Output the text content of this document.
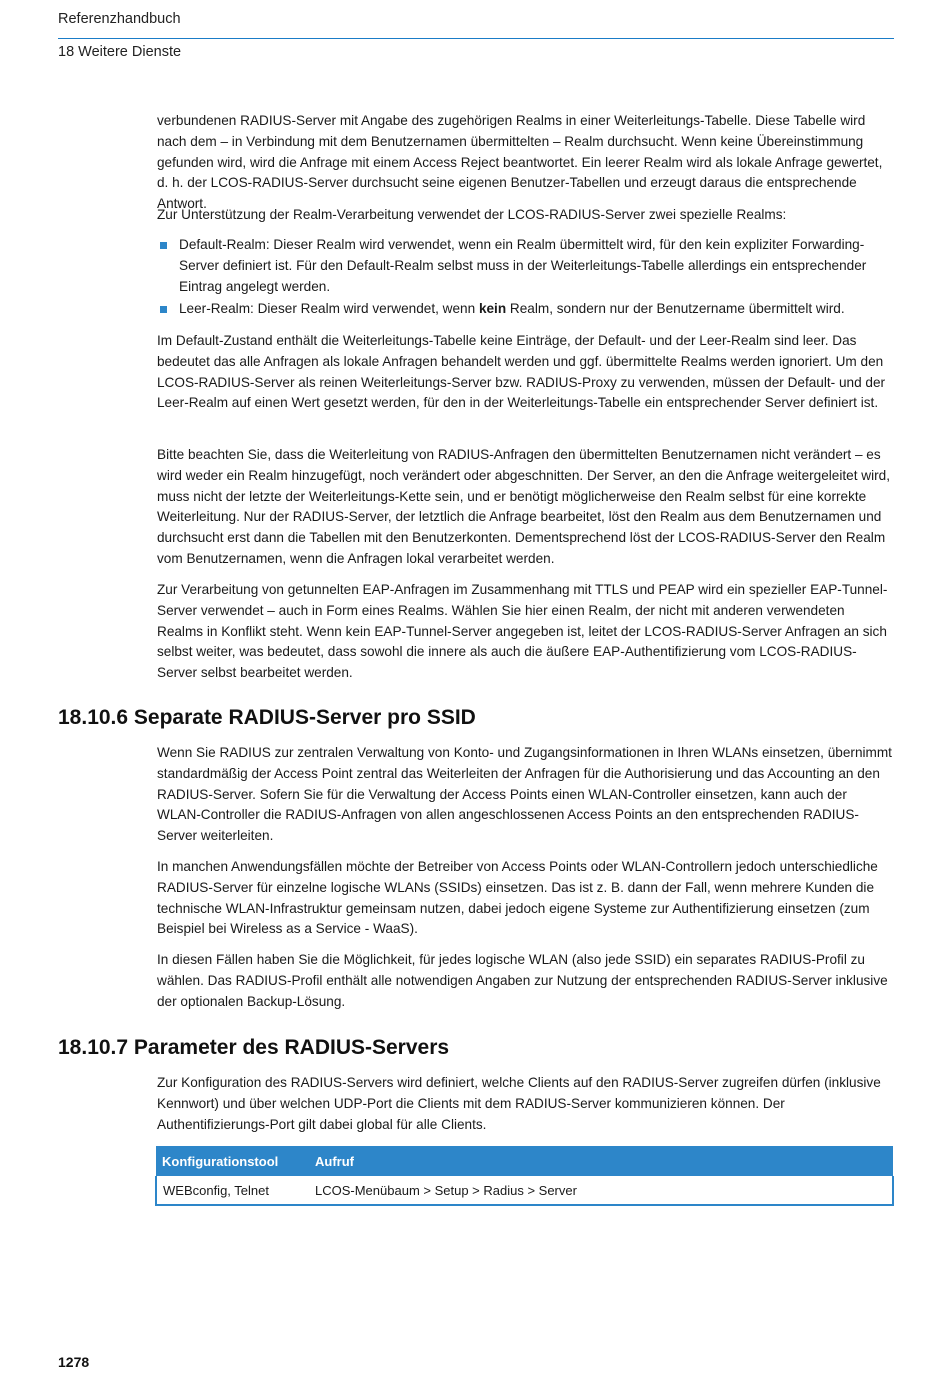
Referenzhandbuch
18 Weitere Dienste

verbundenen RADIUS-Server mit Angabe des zugehörigen Realms in einer Weiterleitungs-Tabelle. Diese Tabelle wird nach dem – in Verbindung mit dem Benutzernamen übermittelten – Realm durchsucht. Wenn keine Übereinstimmung gefunden wird, wird die Anfrage mit einem Access Reject beantwortet. Ein leerer Realm wird als lokale Anfrage gewertet, d. h. der LCOS-RADIUS-Server durchsucht seine eigenen Benutzer-Tabellen und erzeugt daraus die entsprechende Antwort.

Zur Unterstützung der Realm-Verarbeitung verwendet der LCOS-RADIUS-Server zwei spezielle Realms:

Default-Realm: Dieser Realm wird verwendet, wenn ein Realm übermittelt wird, für den kein expliziter Forwarding-Server definiert ist. Für den Default-Realm selbst muss in der Weiterleitungs-Tabelle allerdings ein entsprechender Eintrag angelegt werden.
Leer-Realm: Dieser Realm wird verwendet, wenn kein Realm, sondern nur der Benutzername übermittelt wird.

Im Default-Zustand enthält die Weiterleitungs-Tabelle keine Einträge, der Default- und der Leer-Realm sind leer. Das bedeutet das alle Anfragen als lokale Anfragen behandelt werden und ggf. übermittelte Realms werden ignoriert. Um den LCOS-RADIUS-Server als reinen Weiterleitungs-Server bzw. RADIUS-Proxy zu verwenden, müssen der Default- und der Leer-Realm auf einen Wert gesetzt werden, für den in der Weiterleitungs-Tabelle ein entsprechender Server definiert ist.

Bitte beachten Sie, dass die Weiterleitung von RADIUS-Anfragen den übermittelten Benutzernamen nicht verändert – es wird weder ein Realm hinzugefügt, noch verändert oder abgeschnitten. Der Server, an den die Anfrage weitergeleitet wird, muss nicht der letzte der Weiterleitungs-Kette sein, und er benötigt möglicherweise den Realm selbst für eine korrekte Weiterleitung. Nur der RADIUS-Server, der letztlich die Anfrage bearbeitet, löst den Realm aus dem Benutzernamen und durchsucht erst dann die Tabellen mit den Benutzerkonten. Dementsprechend löst der LCOS-RADIUS-Server den Realm vom Benutzernamen, wenn die Anfragen lokal verarbeitet werden.

Zur Verarbeitung von getunnelten EAP-Anfragen im Zusammenhang mit TTLS und PEAP wird ein spezieller EAP-Tunnel-Server verwendet – auch in Form eines Realms. Wählen Sie hier einen Realm, der nicht mit anderen verwendeten Realms in Konflikt steht. Wenn kein EAP-Tunnel-Server angegeben ist, leitet der LCOS-RADIUS-Server Anfragen an sich selbst weiter, was bedeutet, dass sowohl die innere als auch die äußere EAP-Authentifizierung vom LCOS-RADIUS-Server selbst bearbeitet werden.

18.10.6 Separate RADIUS-Server pro SSID

Wenn Sie RADIUS zur zentralen Verwaltung von Konto- und Zugangsinformationen in Ihren WLANs einsetzen, übernimmt standardmäßig der Access Point zentral das Weiterleiten der Anfragen für die Authorisierung und das Accounting an den RADIUS-Server. Sofern Sie für die Verwaltung der Access Points einen WLAN-Controller einsetzen, kann auch der WLAN-Controller die RADIUS-Anfragen von allen angeschlossenen Access Points an den entsprechenden RADIUS-Server weiterleiten.

In manchen Anwendungsfällen möchte der Betreiber von Access Points oder WLAN-Controllern jedoch unterschiedliche RADIUS-Server für einzelne logische WLANs (SSIDs) einsetzen. Das ist z. B. dann der Fall, wenn mehrere Kunden die technische WLAN-Infrastruktur gemeinsam nutzen, dabei jedoch eigene Systeme zur Authentifizierung einsetzen (zum Beispiel bei Wireless as a Service - WaaS).

In diesen Fällen haben Sie die Möglichkeit, für jedes logische WLAN (also jede SSID) ein separates RADIUS-Profil zu wählen. Das RADIUS-Profil enthält alle notwendigen Angaben zur Nutzung der entsprechenden RADIUS-Server inklusive der optionalen Backup-Lösung.

18.10.7 Parameter des RADIUS-Servers

Zur Konfiguration des RADIUS-Servers wird definiert, welche Clients auf den RADIUS-Server zugreifen dürfen (inklusive Kennwort) und über welchen UDP-Port die Clients mit dem RADIUS-Server kommunizieren können. Der Authentifizierungs-Port gilt dabei global für alle Clients.

Konfigurationstool	Aufruf
WEBconfig, Telnet	LCOS-Menübaum > Setup > Radius > Server
1278
